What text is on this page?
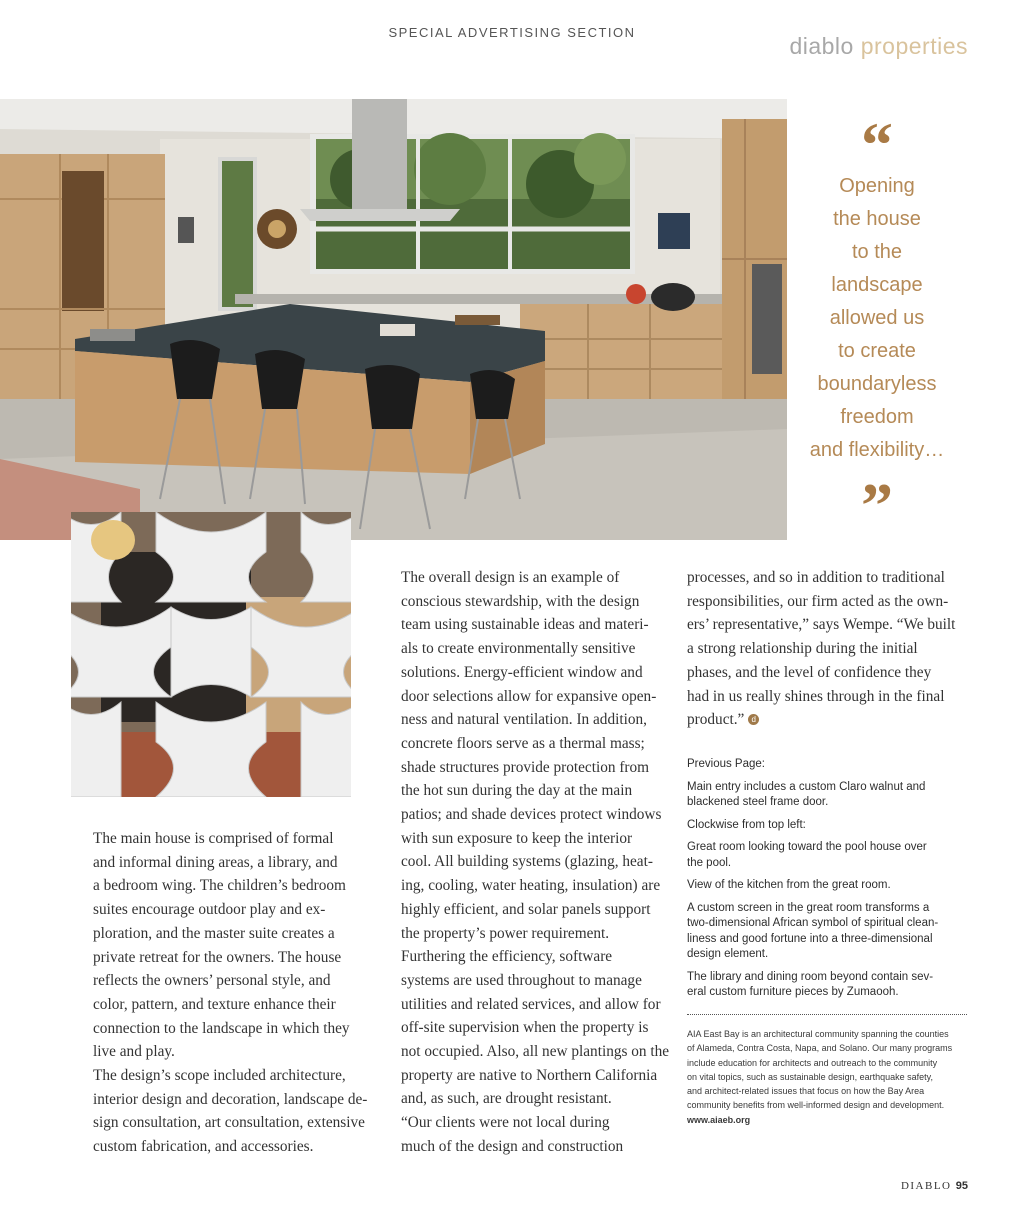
SPECIAL ADVERTISING SECTION
diablo properties
“
Opening
the house
to the
landscape
allowed us
to create
boundaryless
freedom
and flexibility…
”

The main house is comprised of formal
and informal dining areas, a library, and
a bedroom wing. The children’s bedroom
suites encourage outdoor play and ex-
ploration, and the master suite creates a
private retreat for the owners. The house
reflects the owners’ personal style, and
color, pattern, and texture enhance their
connection to the landscape in which they
live and play.

The design’s scope included architecture,
interior design and decoration, landscape de-
sign consultation, art consultation, extensive
custom fabrication, and accessories.

The overall design is an example of
conscious stewardship, with the design
team using sustainable ideas and materi-
als to create environmentally sensitive
solutions. Energy-efficient window and
door selections allow for expansive open-
ness and natural ventilation. In addition,
concrete floors serve as a thermal mass;
shade structures provide protection from
the hot sun during the day at the main
patios; and shade devices protect windows
with sun exposure to keep the interior
cool. All building systems (glazing, heat-
ing, cooling, water heating, insulation) are
highly efficient, and solar panels support
the property’s power requirement.

Furthering the efficiency, software
systems are used throughout to manage
utilities and related services, and allow for
off-site supervision when the property is
not occupied. Also, all new plantings on the
property are native to Northern California
and, as such, are drought resistant.

“Our clients were not local during
much of the design and construction

processes, and so in addition to traditional
responsibilities, our firm acted as the own-
ers’ representative,” says Wempe. “We built
a strong relationship during the initial
phases, and the level of confidence they
had in us really shines through in the final
product.” d

Previous Page:
Main entry includes a custom Claro walnut and
blackened steel frame door.
Clockwise from top left:
Great room looking toward the pool house over
the pool.
View of the kitchen from the great room.
A custom screen in the great room transforms a
two-dimensional African symbol of spiritual clean-
liness and good fortune into a three-dimensional
design element.
The library and dining room beyond contain sev-
eral custom furniture pieces by Zumaooh.
AIA East Bay is an architectural community spanning the counties
of Alameda, Contra Costa, Napa, and Solano. Our many programs
include education for architects and outreach to the community
on vital topics, such as sustainable design, earthquake safety,
and architect-related issues that focus on how the Bay Area
community benefits from well-informed design and development.
www.aiaeb.org
DIABLO 95
